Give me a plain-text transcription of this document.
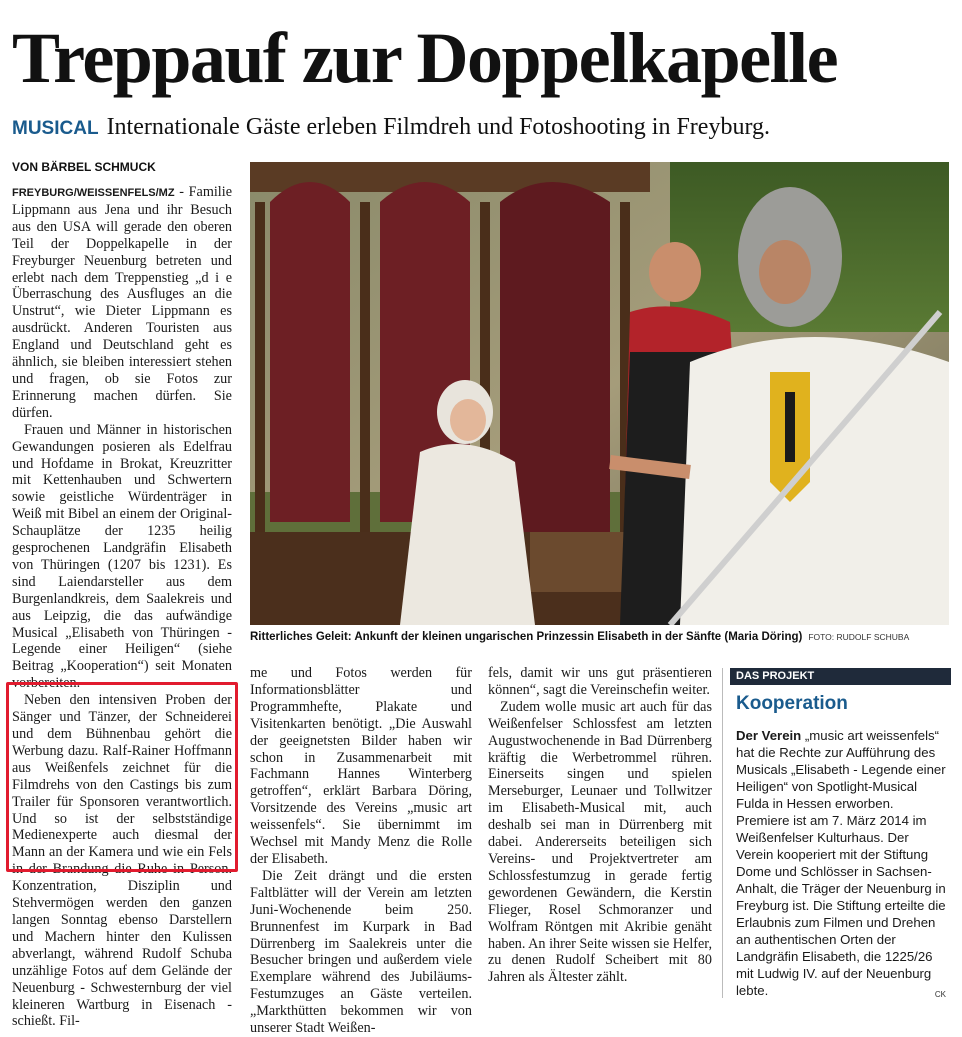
Treppauf zur Doppelkapelle
MUSICAL Internationale Gäste erleben Filmdreh und Fotoshooting in Freyburg.
VON BÄRBEL SCHMUCK

FREYBURG/WEISSENFELS/MZ - Familie Lippmann aus Jena und ihr Besuch aus den USA will gerade den oberen Teil der Doppelkapelle in der Freyburger Neuenburg betreten und erlebt nach dem Treppenstieg „d i e Überraschung des Ausfluges an die Unstrut“, wie Dieter Lippmann es ausdrückt. Anderen Touristen aus England und Deutschland geht es ähnlich, sie bleiben interessiert stehen und fragen, ob sie Fotos zur Erinnerung machen dürfen. Sie dürfen.

Frauen und Männer in historischen Gewandungen posieren als Edelfrau und Hofdame in Brokat, Kreuzritter mit Kettenhauben und Schwertern sowie geistliche Würdenträger in Weiß mit Bibel an einem der Original-Schauplätze der 1235 heilig gesprochenen Landgräfin Elisabeth von Thüringen (1207 bis 1231). Es sind Laiendarsteller aus dem Burgenlandkreis, dem Saalekreis und aus Leipzig, die das aufwändige Musical „Elisabeth von Thüringen - Legende einer Heiligen“ (siehe Beitrag „Kooperation“) seit Monaten vorbereiten.

Neben den intensiven Proben der Sänger und Tänzer, der Schneiderei und dem Bühnenbau gehört die Werbung dazu. Ralf-Rainer Hoffmann aus Weißenfels zeichnet für die Filmdrehs von den Castings bis zum Trailer für Sponsoren verantwortlich. Und so ist der selbstständige Medienexperte auch diesmal der Mann an der Kamera und wie ein Fels in der Brandung die Ruhe in Person. Konzentration, Disziplin und Stehvermögen werden den ganzen langen Sonntag ebenso Darstellern und Machern hinter den Kulissen abverlangt, während Rudolf Schuba unzählige Fotos auf dem Gelände der Neuenburg - Schwesternburg der viel kleineren Wartburg in Eisenach - schießt. Fil-

Ritterliches Geleit: Ankunft der kleinen ungarischen Prinzessin Elisabeth in der Sänfte (Maria Döring) FOTO: RUDOLF SCHUBA

me und Fotos werden für Informationsblätter und Programmhefte, Plakate und Visitenkarten benötigt. „Die Auswahl der geeignetsten Bilder haben wir schon in Zusammenarbeit mit Fachmann Hannes Winterberg getroffen“, erklärt Barbara Döring, Vorsitzende des Vereins „music art weissenfels“. Sie übernimmt im Wechsel mit Mandy Menz die Rolle der Elisabeth.

Die Zeit drängt und die ersten Faltblätter will der Verein am letzten Juni-Wochenende beim 250. Brunnenfest im Kurpark in Bad Dürrenberg im Saalekreis unter die Besucher bringen und außerdem viele Exemplare während des Jubiläums-Festumzuges an Gäste verteilen. „Markthütten bekommen wir von unserer Stadt Weißen-

fels, damit wir uns gut präsentieren können“, sagt die Vereinschefin weiter.

Zudem wolle music art auch für das Weißenfelser Schlossfest am letzten Augustwochenende in Bad Dürrenberg kräftig die Werbetrommel rühren. Einerseits singen und spielen Merseburger, Leunaer und Tollwitzer im Elisabeth-Musical mit, auch deshalb sei man in Dürrenberg mit dabei. Andererseits beteiligen sich Vereins- und Projektvertreter am Schlossfestumzug in gerade fertig gewordenen Gewändern, die Kerstin Flieger, Rosel Schmoranzer und Wolfram Röntgen mit Akribie genäht haben. An ihrer Seite wissen sie Helfer, zu denen Rudolf Scheibert mit 80 Jahren als Ältester zählt.

DAS PROJEKT
Kooperation
Der Verein „music art weissenfels“ hat die Rechte zur Aufführung des Musicals „Elisabeth - Legende einer Heiligen“ von Spotlight-Musical Fulda in Hessen erworben. Premiere ist am 7. März 2014 im Weißenfelser Kulturhaus. Der Verein kooperiert mit der Stiftung Dome und Schlösser in Sachsen-Anhalt, die Träger der Neuenburg in Freyburg ist. Die Stiftung erteilte die Erlaubnis zum Filmen und Drehen an authentischen Orten der Landgräfin Elisabeth, die 1225/26 mit Ludwig IV. auf der Neuenburg lebte.	CK
